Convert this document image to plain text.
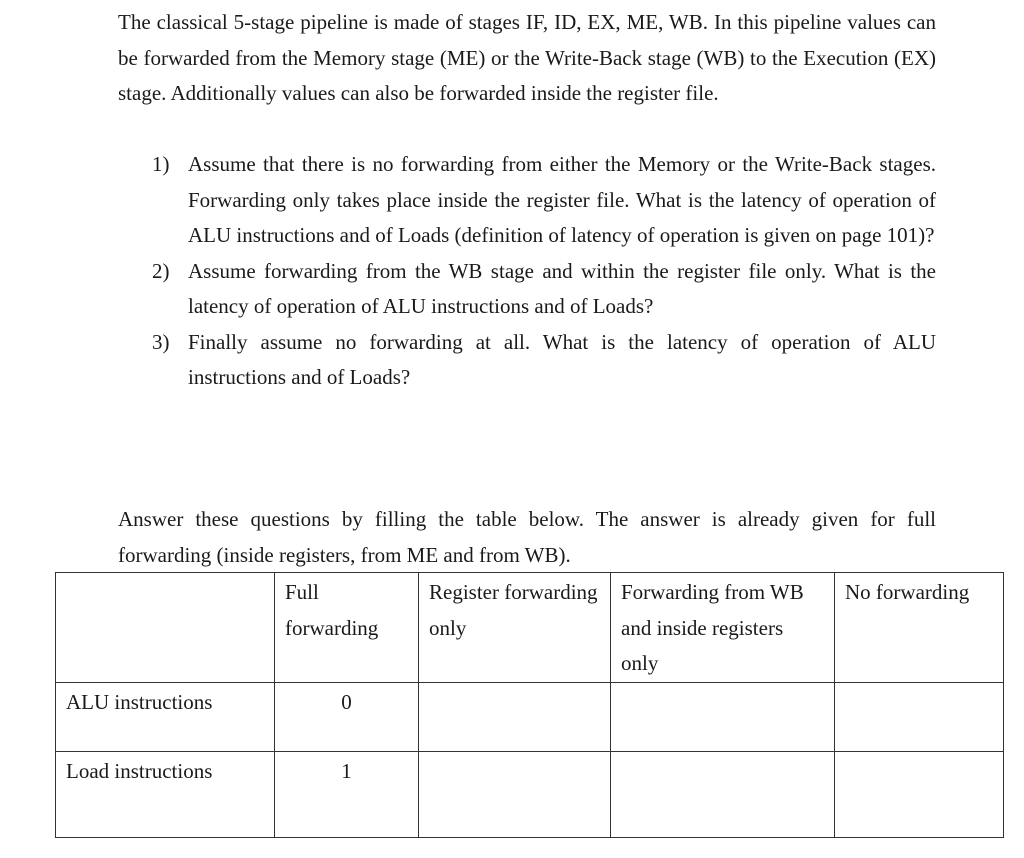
The classical 5-stage pipeline is made of stages IF, ID, EX, ME, WB. In this pipeline values can be forwarded from the Memory stage (ME) or the Write-Back stage (WB) to the Execution (EX) stage. Additionally values can also be forwarded inside the register file.

1) Assume that there is no forwarding from either the Memory or the Write-Back stages. Forwarding only takes place inside the register file. What is the latency of operation of ALU instructions and of Loads (definition of latency of operation is given on page 101)?
2) Assume forwarding from the WB stage and within the register file only. What is the latency of operation of ALU instructions and of Loads?
3) Finally assume no forwarding at all. What is the latency of operation of ALU instructions and of Loads?

Answer these questions by filling the table below. The answer is already given for full forwarding (inside registers, from ME and from WB).

	Full forwarding	Register forwarding only	Forwarding from WB and inside registers only	No forwarding
ALU instructions	0			
Load instructions	1			
